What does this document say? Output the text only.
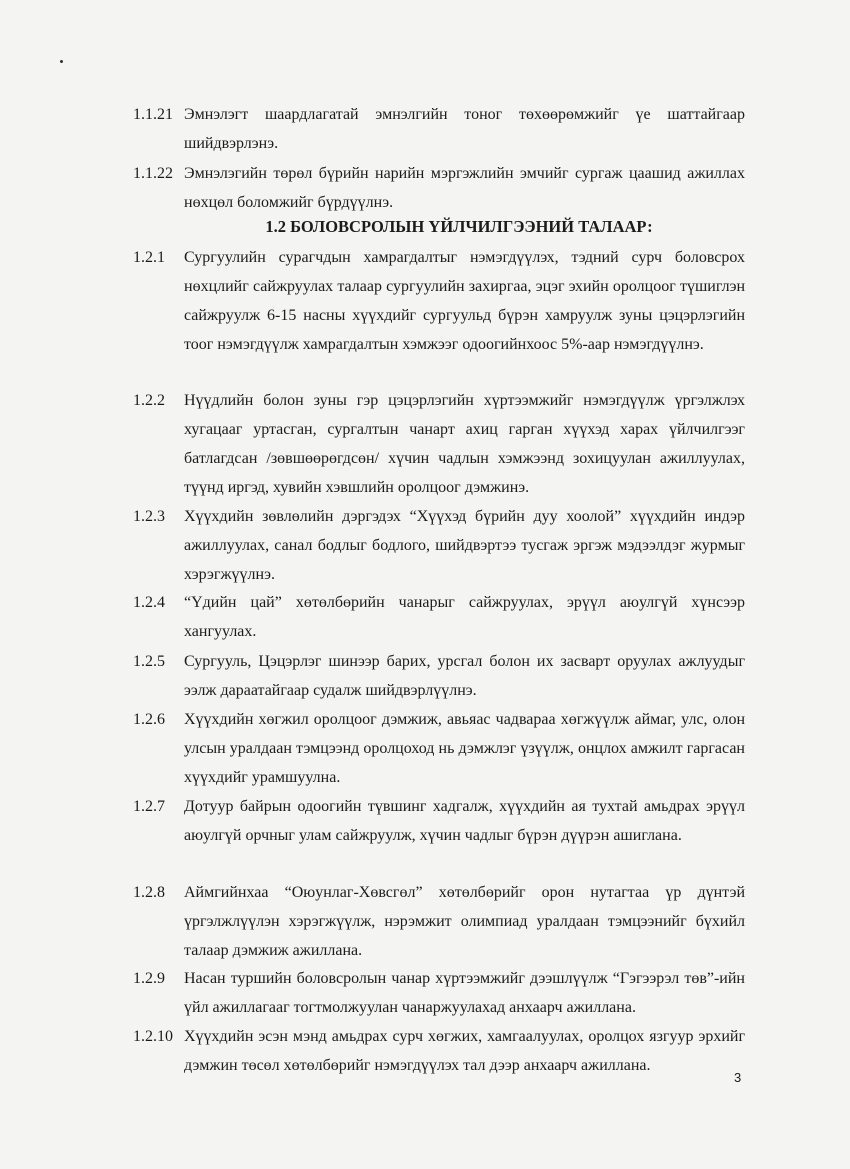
1.1.21 Эмнэлэгт шаардлагатай эмнэлгийн тоног төхөөрөмжийг үе шаттайгаар шийдвэрлэнэ.
1.1.22 Эмнэлэгийн төрөл бүрийн нарийн мэргэжлийн эмчийг сургаж цаашид ажиллах нөхцөл боломжийг бүрдүүлнэ.
1.2 БОЛОВСРОЛЫН ҮЙЛЧИЛГЭЭНИЙ ТАЛААР:
1.2.1	Сургуулийн сурагчдын хамрагдалтыг нэмэгдүүлэх, тэдний сурч боловсрох нөхцлийг сайжруулах талаар сургуулийн захиргаа, эцэг эхийн оролцоог түшиглэн сайжруулж 6-15 насны хүүхдийг сургуульд бүрэн хамруулж зуны цэцэрлэгийн тоог нэмэгдүүлж хамрагдалтын хэмжээг одоогийнхоос 5%-аар нэмэгдүүлнэ.
1.2.2	Нүүдлийн болон зуны гэр цэцэрлэгийн хүртээмжийг нэмэгдүүлж үргэлжлэх хугацааг уртасган, сургалтын чанарт ахиц гарган хүүхэд харах үйлчилгээг батлагдсан /зөвшөөрөгдсөн/ хүчин чадлын хэмжээнд зохицуулан ажиллуулах, түүнд иргэд, хувийн хэвшлийн оролцоог дэмжинэ.
1.2.3	Хүүхдийн зөвлөлийн дэргэдэх “Хүүхэд бүрийн дуу хоолой” хүүхдийн индэр ажиллуулах, санал бодлыг бодлого, шийдвэртээ тусгаж эргэж мэдээлдэг журмыг хэрэгжүүлнэ.
1.2.4	“Үдийн цай” хөтөлбөрийн чанарыг сайжруулах, эрүүл аюулгүй хүнсээр хангуулах.
1.2.5	Сургууль, Цэцэрлэг шинээр барих, урсгал болон их засварт оруулах ажлуудыг ээлж дараатайгаар судалж шийдвэрлүүлнэ.
1.2.6	Хүүхдийн хөгжил оролцоог дэмжиж, авьяас чадвараа хөгжүүлж аймаг, улс, олон улсын уралдаан тэмцээнд оролцоход нь дэмжлэг үзүүлж, онцлох амжилт гаргасан хүүхдийг урамшуулна.
1.2.7	Дотуур байрын одоогийн түвшинг хадгалж, хүүхдийн ая тухтай амьдрах эрүүл аюулгүй орчныг улам сайжруулж, хүчин чадлыг бүрэн дүүрэн ашиглана.
1.2.8	Аймгийнхаа “Оюунлаг-Хөвсгөл” хөтөлбөрийг орон нутагтаа үр дүнтэй үргэлжлүүлэн хэрэгжүүлж, нэрэмжит олимпиад уралдаан тэмцээнийг бүхийл талаар дэмжиж ажиллана.
1.2.9	Насан туршийн боловсролын чанар хүртээмжийг дээшлүүлж “Гэгээрэл төв”-ийн үйл ажиллагааг тогтмолжуулан чанаржуулахад анхаарч ажиллана.
1.2.10 Хүүхдийн эсэн мэнд амьдрах сурч хөгжих, хамгаалуулах, оролцох язгуур эрхийг дэмжин төсөл хөтөлбөрийг нэмэгдүүлэх тал дээр анхаарч ажиллана.
3
